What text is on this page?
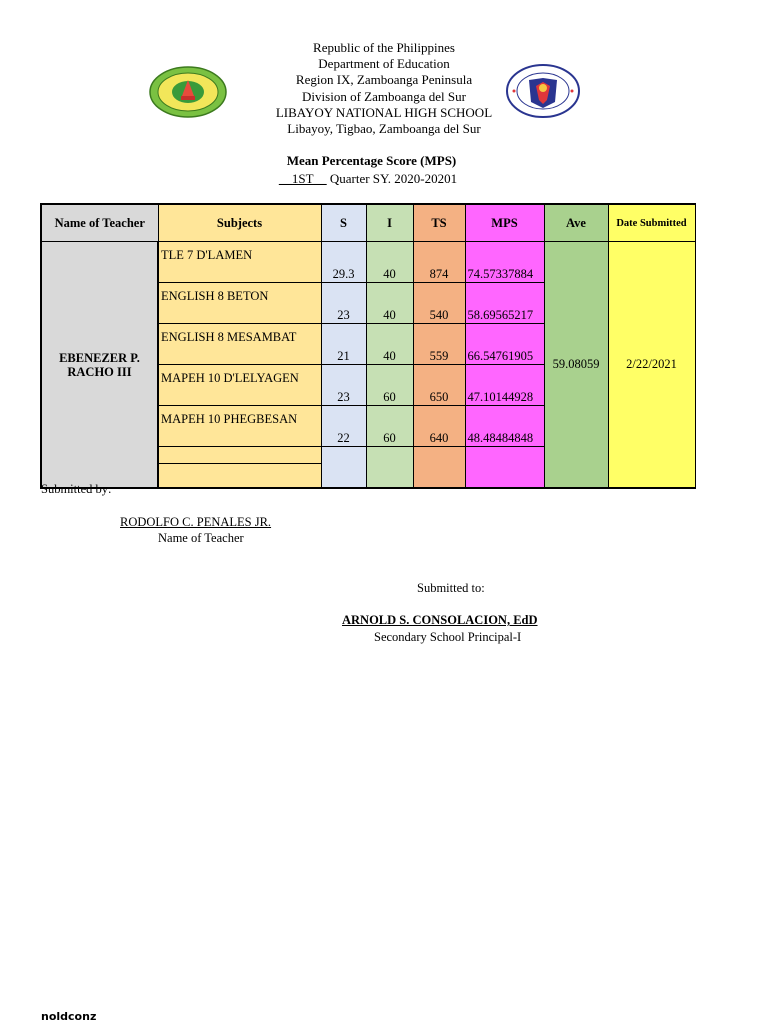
Republic of the Philippines
Department of Education
Region IX, Zamboanga Peninsula
Division of Zamboanga del Sur
LIBAYOY NATIONAL HIGH SCHOOL
Libayoy, Tigbao, Zamboanga del Sur
Mean Percentage Score (MPS)
__1ST__ Quarter SY. 2020-20201
Name of Teacher	Subjects	S	I	TS	MPS	Ave	Date Submitted
EBENEZER P. RACHO III	TLE 7 D'LAMEN	29.3	40	874	74.57337884	59.08059	2/22/2021
	ENGLISH 8 BETON	23	40	540	58.69565217		
	ENGLISH 8 MESAMBAT	21	40	559	66.54761905		
	MAPEH 10 D'LELYAGEN	23	60	650	47.10144928		
	MAPEH 10 PHEGBESAN	22	60	640	48.48484848		

Submitted by:
RODOLFO C. PENALES JR.
Name of Teacher
Submitted to:
ARNOLD S. CONSOLACION, EdD
Secondary School Principal-I
noldconz
